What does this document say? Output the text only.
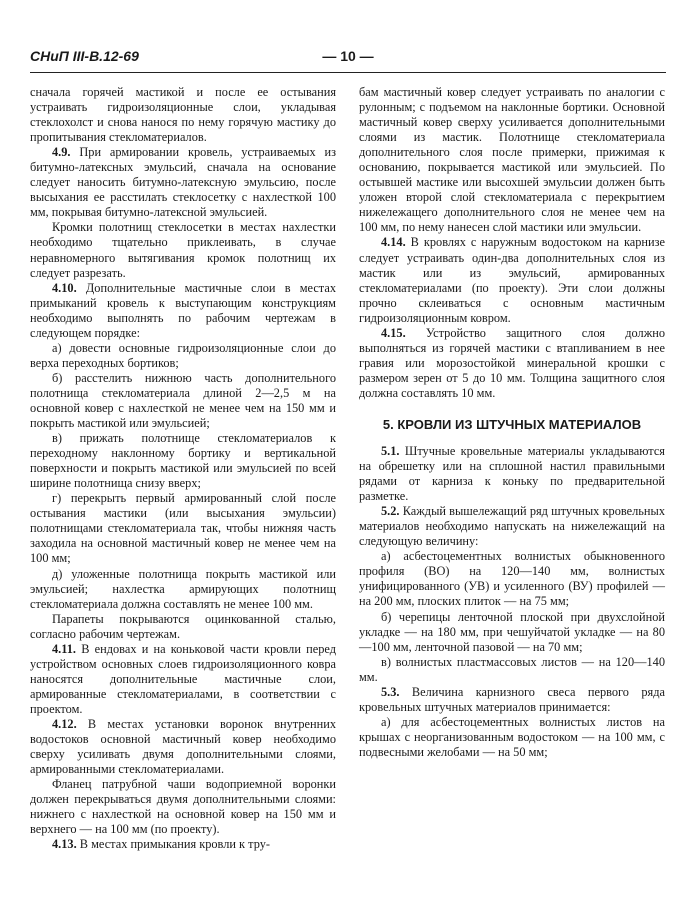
СНиП III-В.12-69	— 10 —

сначала горячей мастикой и после ее остывания устраивать гидроизоляционные слои, укладывая стеклохолст и снова нанося по нему горячую мастику до пропитывания стекломатериалов.

4.9. При армировании кровель, устраиваемых из битумно-латексных эмульсий, сначала на основание следует наносить битумно-латексную эмульсию, после высыхания ее расстилать стеклосетку с нахлесткой 100 мм, покрывая битумно-латексной эмульсией.

Кромки полотнищ стеклосетки в местах нахлестки необходимо тщательно приклеивать, в случае неравномерного вытягивания кромок полотнищ их следует разрезать.

4.10. Дополнительные мастичные слои в местах примыканий кровель к выступающим конструкциям необходимо выполнять по рабочим чертежам в следующем порядке:

а) довести основные гидроизоляционные слои до верха переходных бортиков;

б) расстелить нижнюю часть дополнительного полотнища стекломатериала длиной 2—2,5 м на основной ковер с нахлесткой не менее чем на 150 мм и покрыть мастикой или эмульсией;

в) прижать полотнище стекломатериалов к переходному наклонному бортику и вертикальной поверхности и покрыть мастикой или эмульсией по всей ширине полотнища снизу вверх;

г) перекрыть первый армированный слой после остывания мастики (или высыхания эмульсии) полотнищами стекломатериала так, чтобы нижняя часть заходила на основной мастичный ковер не менее чем на 100 мм;

д) уложенные полотнища покрыть мастикой или эмульсией; нахлестка армирующих полотнищ стекломатериала должна составлять не менее 100 мм.

Парапеты покрываются оцинкованной сталью, согласно рабочим чертежам.

4.11. В ендовах и на коньковой части кровли перед устройством основных слоев гидроизоляционного ковра наносятся дополнительные мастичные слои, армированные стекломатериалами, в соответствии с проектом.

4.12. В местах установки воронок внутренних водостоков основной мастичный ковер необходимо сверху усиливать двумя дополнительными слоями, армированными стекломатериалами.

Фланец патрубной чаши водоприемной воронки должен перекрываться двумя дополнительными слоями: нижнего с нахлесткой на основной ковер на 150 мм и верхнего — на 100 мм (по проекту).

4.13. В местах примыкания кровли к тру-

бам мастичный ковер следует устраивать по аналогии с рулонным; с подъемом на наклонные бортики. Основной мастичный ковер сверху усиливается дополнительными слоями из мастик. Полотнище стекломатериала дополнительного слоя после примерки, прижимая к основанию, покрывается мастикой или эмульсией. По остывшей мастике или высохшей эмульсии должен быть уложен второй слой стекломатериала с перекрытием нижележащего дополнительного слоя не менее чем на 100 мм, по нему нанесен слой мастики или эмульсии.

4.14. В кровлях с наружным водостоком на карнизе следует устраивать один-два дополнительных слоя из мастик или из эмульсий, армированных стекломатериалами (по проекту). Эти слои должны прочно склеиваться с основным мастичным гидроизоляционным ковром.

4.15. Устройство защитного слоя должно выполняться из горячей мастики с втапливанием в нее гравия или морозостойкой минеральной крошки с размером зерен от 5 до 10 мм. Толщина защитного слоя должна составлять 10 мм.

5. КРОВЛИ ИЗ ШТУЧНЫХ МАТЕРИАЛОВ

5.1. Штучные кровельные материалы укладываются на обрешетку или на сплошной настил правильными рядами от карниза к коньку по предварительной разметке.

5.2. Каждый вышележащий ряд штучных кровельных материалов необходимо напускать на нижележащий на следующую величину:

а) асбестоцементных волнистых обыкновенного профиля (ВО) на 120—140 мм, волнистых унифицированного (УВ) и усиленного (ВУ) профилей — на 200 мм, плоских плиток — на 75 мм;

б) черепицы ленточной плоской при двухслойной укладке — на 180 мм, при чешуйчатой укладке — на 80—100 мм, ленточной пазовой — на 70 мм;

в) волнистых пластмассовых листов — на 120—140 мм.

5.3. Величина карнизного свеса первого ряда кровельных штучных материалов принимается:

а) для асбестоцементных волнистых листов на крышах с неорганизованным водостоком — на 100 мм, с подвесными желобами — на 50 мм;
